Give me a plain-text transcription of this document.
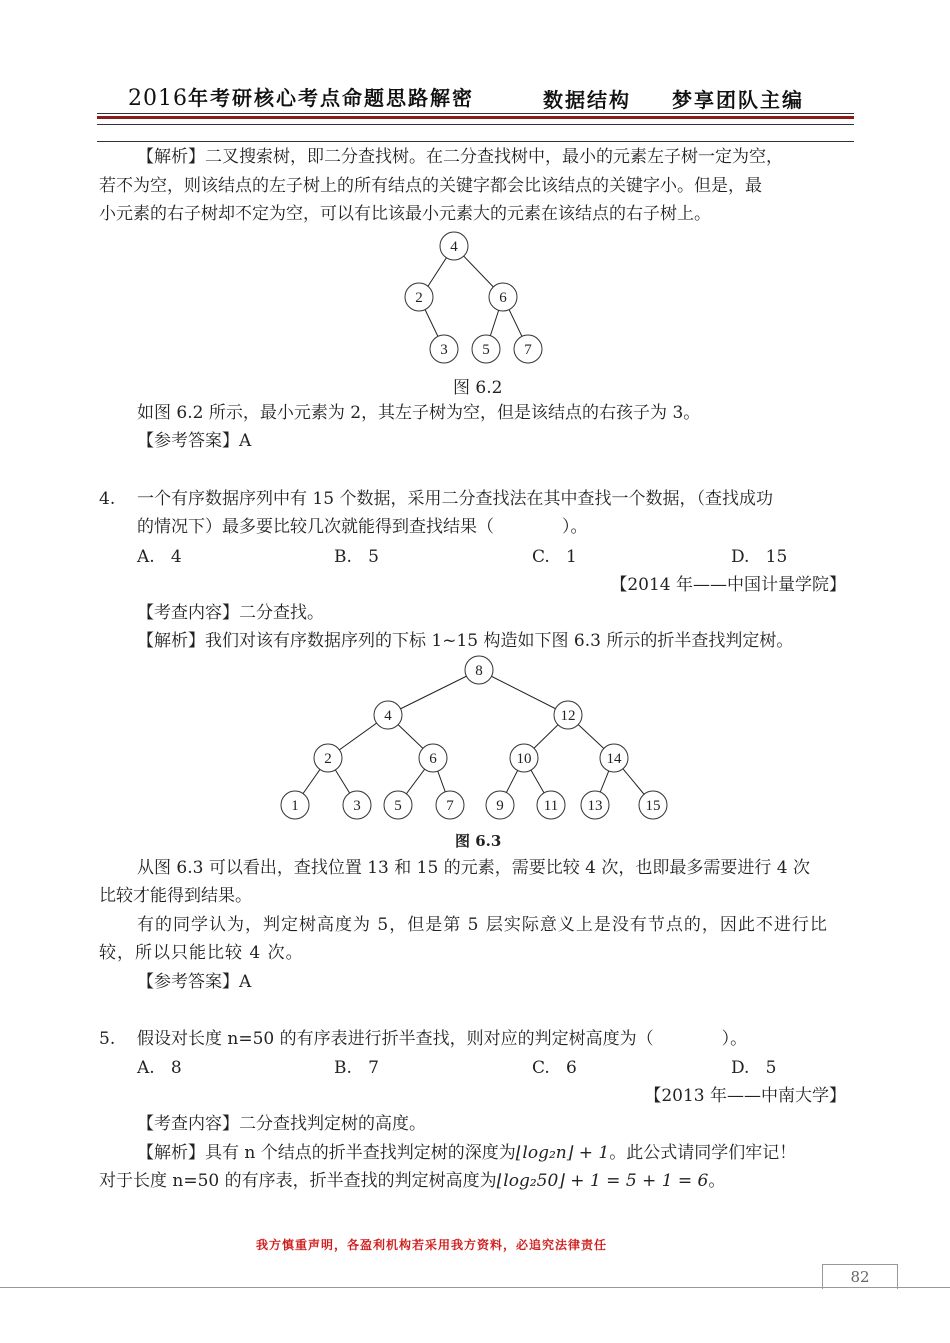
2016年考研核心考点命题思路解密	数据结构 梦享团队主编
【解析】二叉搜索树，即二分查找树。在二分查找树中，最小的元素左子树一定为空，
若不为空，则该结点的左子树上的所有结点的关键字都会比该结点的关键字小。但是，最
小元素的右子树却不定为空，可以有比该最小元素大的元素在该结点的右子树上。
4
2	6
3 5 7
图 6.2
如图 6.2 所示，最小元素为 2，其左子树为空，但是该结点的右孩子为 3。
【参考答案】A
4. 一个有序数据序列中有 15 个数据，采用二分查找法在其中查找一个数据，（查找成功
的情况下）最多要比较几次就能得到查找结果（　　　　）。
A. 4	B. 5	C. 1	D. 15
【2014 年——中国计量学院】
【考查内容】二分查找。
【解析】我们对该有序数据序列的下标 1~15 构造如下图 6.3 所示的折半查找判定树。
8
4	12
2	6	10	14
1	3 5	7	9	11 13	15
图 6.3
从图 6.3 可以看出，查找位置 13 和 15 的元素，需要比较 4 次，也即最多需要进行 4 次
比较才能得到结果。
有的同学认为，判定树高度为 5，但是第 5 层实际意义上是没有节点的，因此不进行比
较，所以只能比较 4 次。
【参考答案】A
5. 假设对长度 n=50 的有序表进行折半查找，则对应的判定树高度为（　　　　）。
A. 8	B. 7	C. 6	D. 5
【2013 年——中南大学】
【考查内容】二分查找判定树的高度。
【解析】具有 n 个结点的折半查找判定树的深度为⌊log₂n⌋ + 1。此公式请同学们牢记！
对于长度 n=50 的有序表，折半查找的判定树高度为⌊log₂50⌋ + 1 = 5 + 1 = 6。
我方慎重声明，各盈利机构若采用我方资料，必追究法律责任
82
